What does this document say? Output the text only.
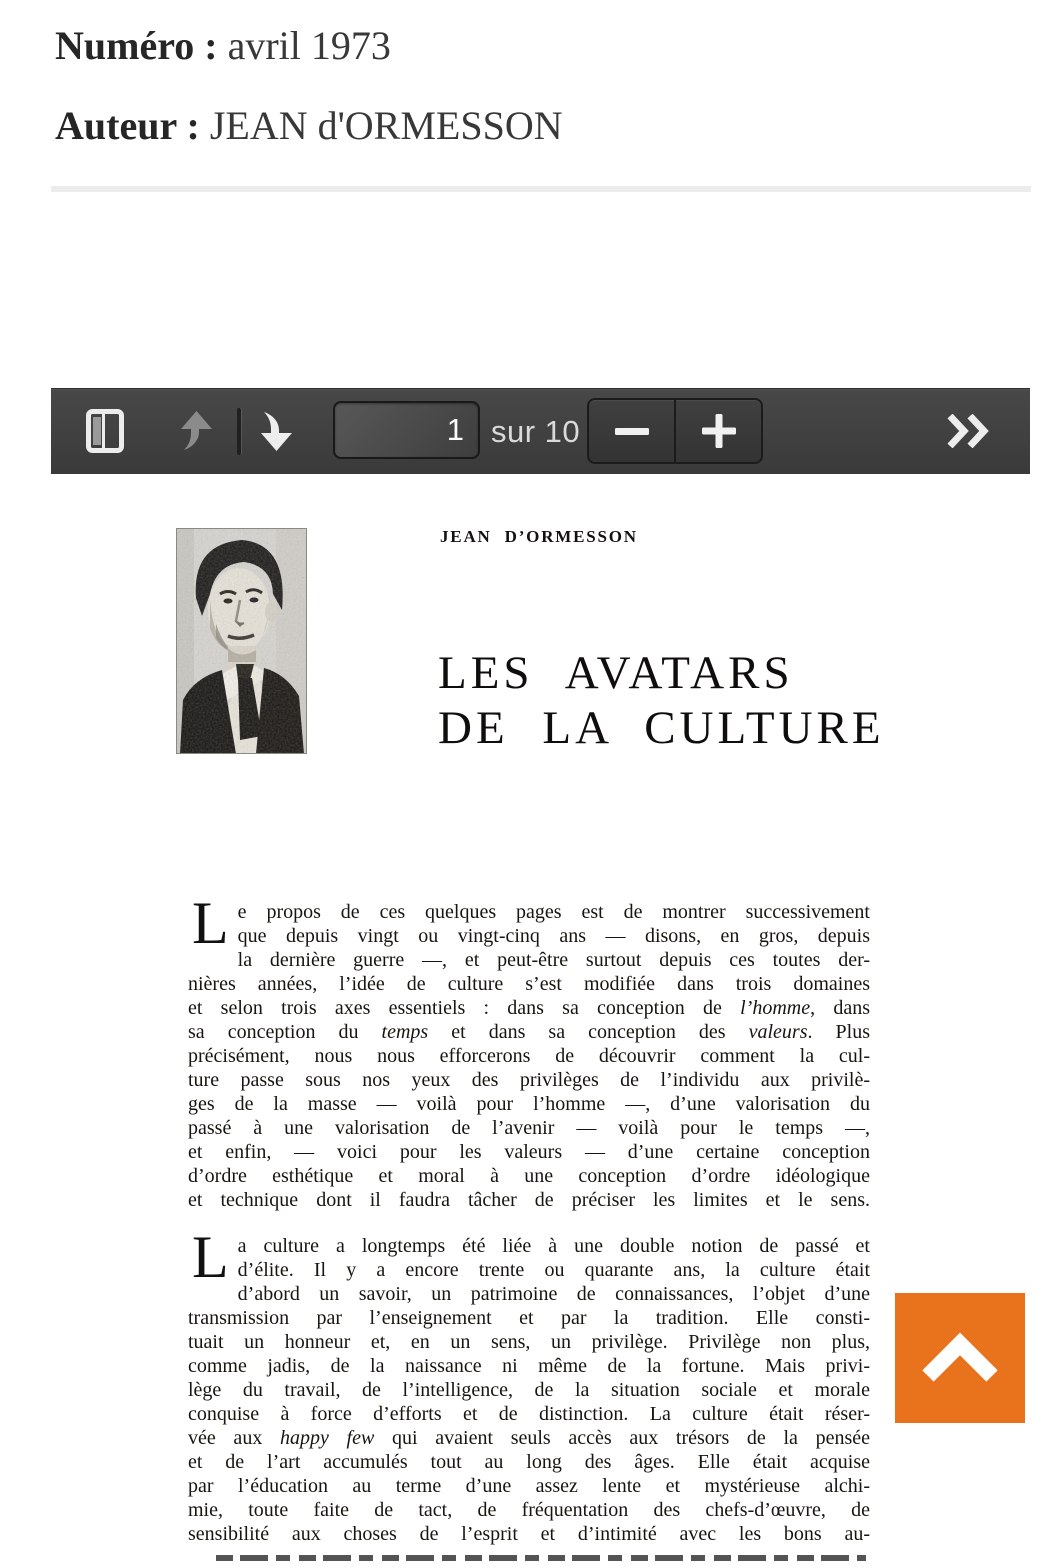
Numéro : avril 1973
Auteur : JEAN d'ORMESSON
1
sur 10
JEAN D’ORMESSON
LES AVATARS
DE LA CULTURE
L e propos de ces quelques pages est de montrer successivement
que depuis vingt ou vingt-cinq ans — disons, en gros, depuis
la dernière guerre —, et peut-être surtout depuis ces toutes der-
nières années, l’idée de culture s’est modifiée dans trois domaines
et selon trois axes essentiels : dans sa conception de l’homme, dans
sa conception du temps et dans sa conception des valeurs. Plus
précisément, nous nous efforcerons de découvrir comment la cul-
ture passe sous nos yeux des privilèges de l’individu aux privilè-
ges de la masse — voilà pour l’homme —, d’une valorisation du
passé à une valorisation de l’avenir — voilà pour le temps —,
et enfin, — voici pour les valeurs — d’une certaine conception
d’ordre esthétique et moral à une conception d’ordre idéologique
et technique dont il faudra tâcher de préciser les limites et le sens.
L a culture a longtemps été liée à une double notion de passé et
d’élite. Il y a encore trente ou quarante ans, la culture était
d’abord un savoir, un patrimoine de connaissances, l’objet d’une
transmission par l’enseignement et par la tradition. Elle consti-
tuait un honneur et, en un sens, un privilège. Privilège non plus,
comme jadis, de la naissance ni même de la fortune. Mais privi-
lège du travail, de l’intelligence, de la situation sociale et morale
conquise à force d’efforts et de distinction. La culture était réser-
vée aux happy few qui avaient seuls accès aux trésors de la pensée
et de l’art accumulés tout au long des âges. Elle était acquise
par l’éducation au terme d’une assez lente et mystérieuse alchi-
mie, toute faite de tact, de fréquentation des chefs-d’œuvre, de
sensibilité aux choses de l’esprit et d’intimité avec les bons au-
